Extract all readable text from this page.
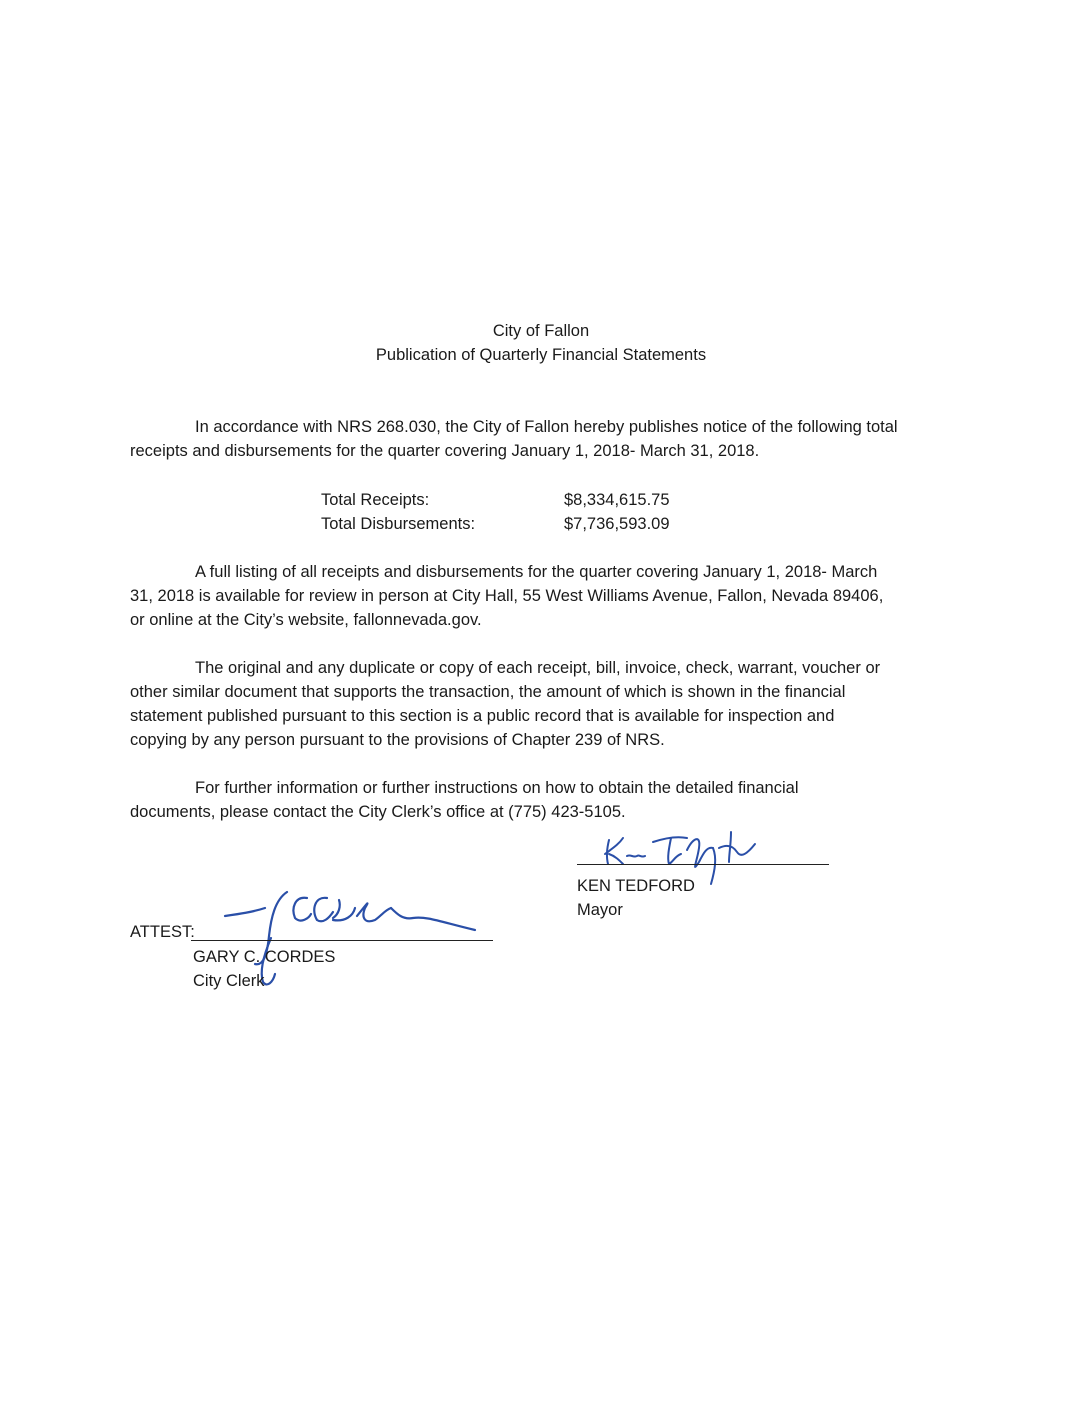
City of Fallon
Publication of Quarterly Financial Statements
In accordance with NRS 268.030, the City of Fallon hereby publishes notice of the following total
receipts and disbursements for the quarter covering January 1, 2018- March 31, 2018.
Total Receipts:	$8,334,615.75
Total Disbursements:	$7,736,593.09
A full listing of all receipts and disbursements for the quarter covering January 1, 2018- March
31, 2018 is available for review in person at City Hall, 55 West Williams Avenue, Fallon, Nevada 89406,
or online at the City’s website, fallonnevada.gov.
The original and any duplicate or copy of each receipt, bill, invoice, check, warrant, voucher or
other similar document that supports the transaction, the amount of which is shown in the financial
statement published pursuant to this section is a public record that is available for inspection and
copying by any person pursuant to the provisions of Chapter 239 of NRS.
For further information or further instructions on how to obtain the detailed financial
documents, please contact the City Clerk’s office at (775) 423-5105.
KEN TEDFORD
Mayor
ATTEST:
GARY C. CORDES
City Clerk
